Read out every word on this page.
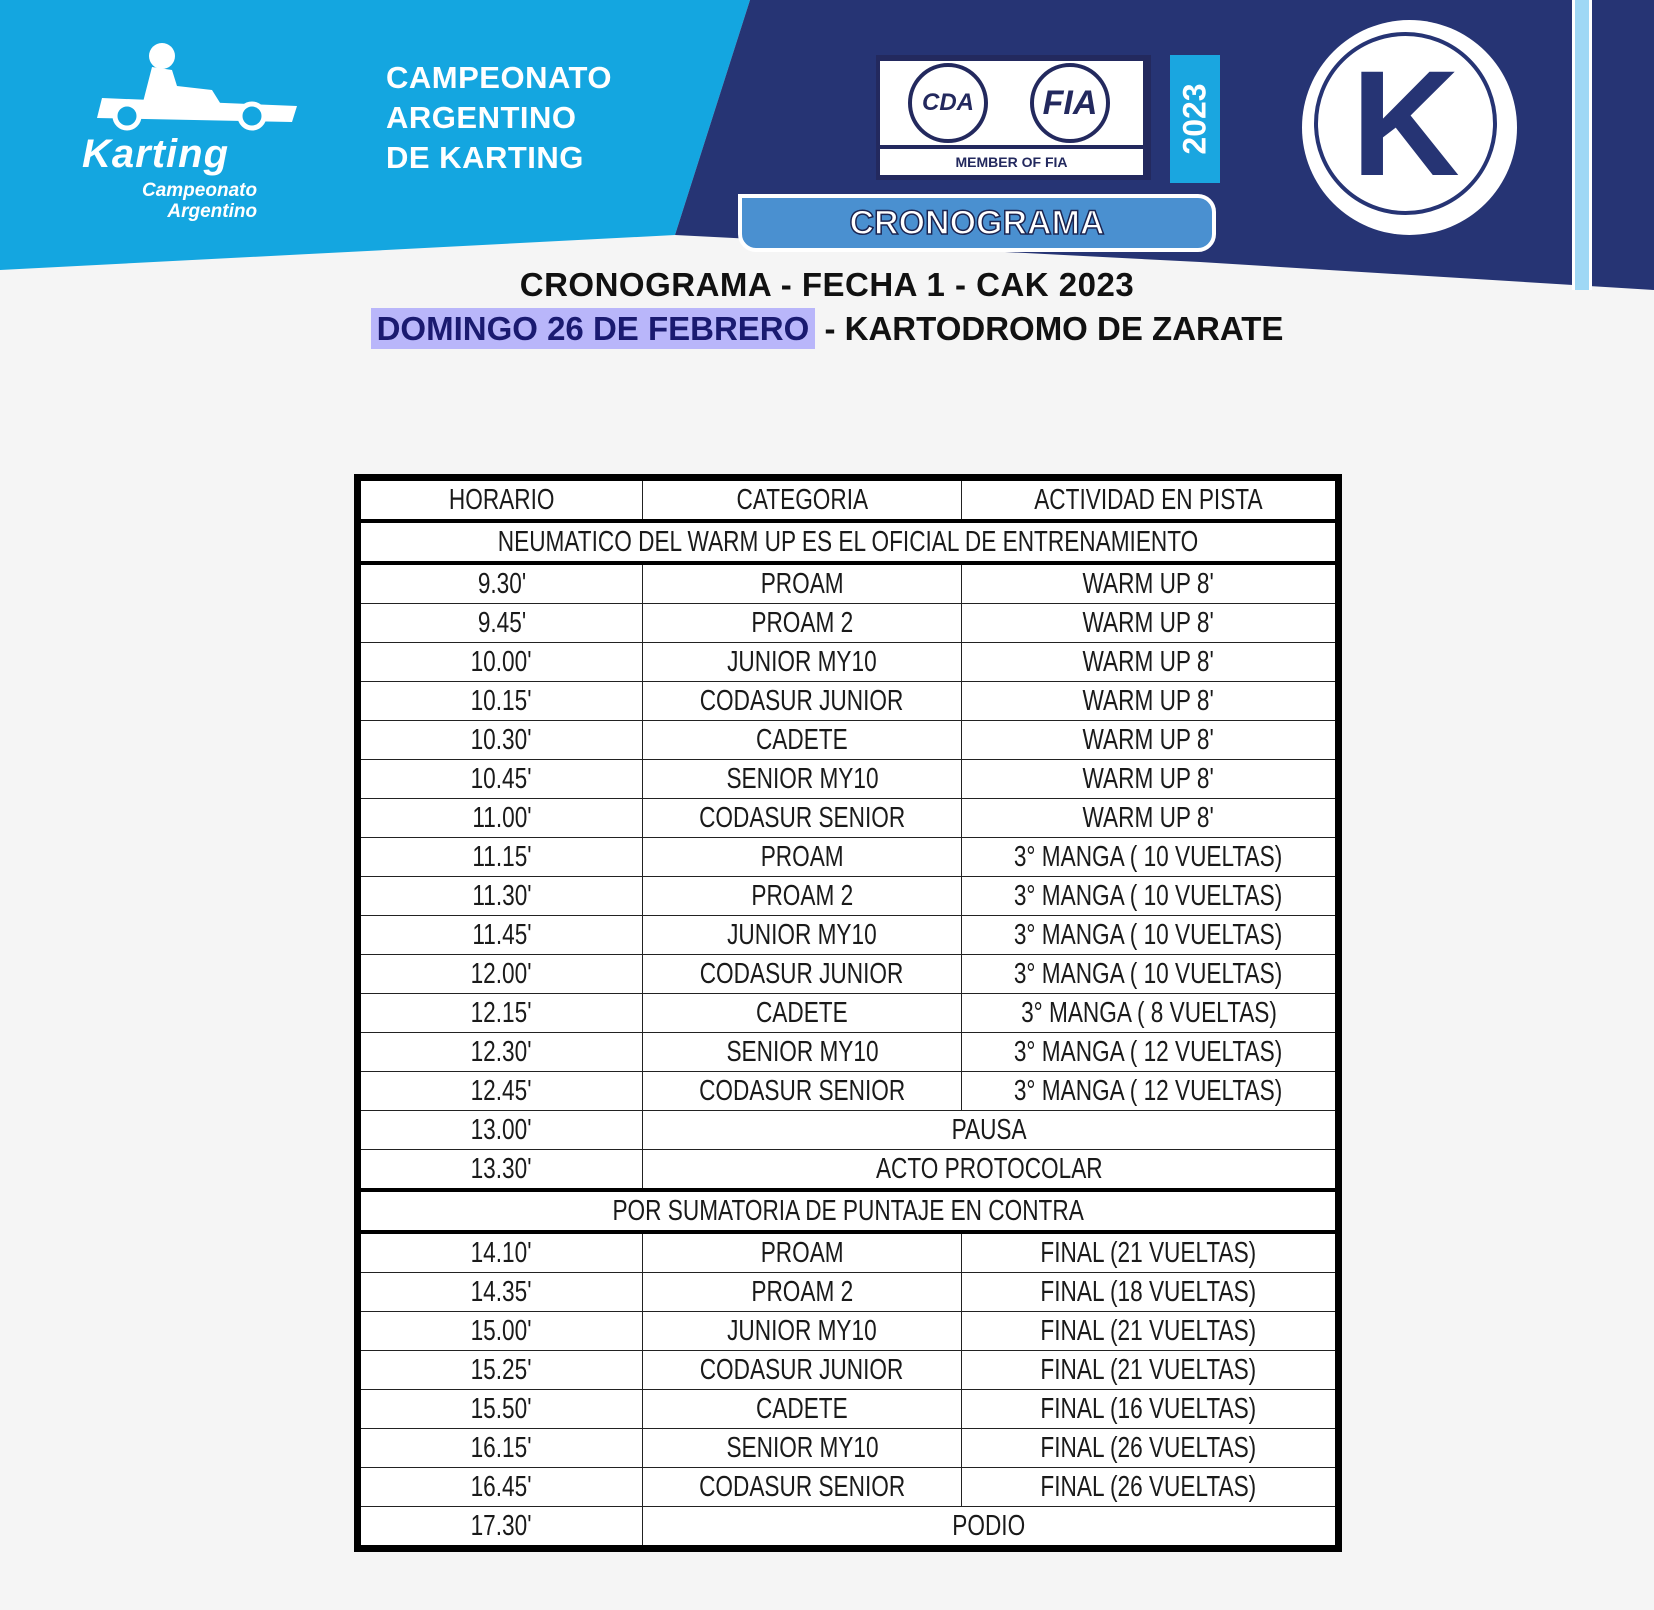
Karting
Campeonato
Argentino
CAMPEONATO
ARGENTINO
DE KARTING
CDA	FIA
MEMBER OF FIA
2023
CRONOGRAMA
K
CRONOGRAMA - FECHA 1 - CAK 2023
DOMINGO 26 DE FEBRERO - KARTODROMO DE ZARATE
HORARIO	CATEGORIA	ACTIVIDAD EN PISTA
NEUMATICO DEL WARM UP ES EL OFICIAL DE ENTRENAMIENTO		
9.30'	PROAM	WARM UP 8'
9.45'	PROAM 2	WARM UP 8'
10.00'	JUNIOR MY10	WARM UP 8'
10.15'	CODASUR JUNIOR	WARM UP 8'
10.30'	CADETE	WARM UP 8'
10.45'	SENIOR MY10	WARM UP 8'
11.00'	CODASUR SENIOR	WARM UP 8'
11.15'	PROAM	3° MANGA ( 10 VUELTAS)
11.30'	PROAM 2	3° MANGA ( 10 VUELTAS)
11.45'	JUNIOR MY10	3° MANGA ( 10 VUELTAS)
12.00'	CODASUR JUNIOR	3° MANGA ( 10 VUELTAS)
12.15'	CADETE	3° MANGA ( 8 VUELTAS)
12.30'	SENIOR MY10	3° MANGA ( 12 VUELTAS)
12.45'	CODASUR SENIOR	3° MANGA ( 12 VUELTAS)
13.00'	PAUSA	
13.30'	ACTO PROTOCOLAR	
POR SUMATORIA DE PUNTAJE EN CONTRA		
14.10'	PROAM	FINAL (21 VUELTAS)
14.35'	PROAM 2	FINAL (18 VUELTAS)
15.00'	JUNIOR MY10	FINAL (21 VUELTAS)
15.25'	CODASUR JUNIOR	FINAL (21 VUELTAS)
15.50'	CADETE	FINAL (16 VUELTAS)
16.15'	SENIOR MY10	FINAL (26 VUELTAS)
16.45'	CODASUR SENIOR	FINAL (26 VUELTAS)
17.30'	PODIO	
